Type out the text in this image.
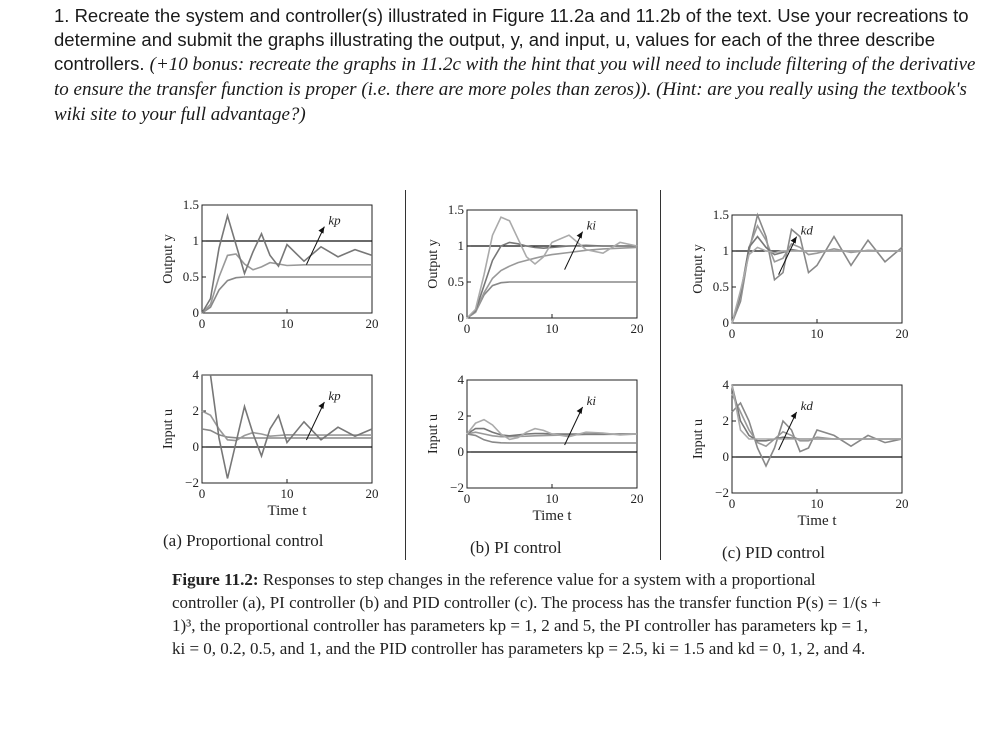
1. Recreate the system and controller(s) illustrated in Figure 11.2a and 11.2b of the text. Use your recreations to determine and submit the graphs illustrating the output, y, and input, u, values for each of the three describe controllers. (+10 bonus: recreate the graphs in 11.2c with the hint that you will need to include filtering of the derivative to ensure the transfer function is proper (i.e. there are more poles than zeros)). (Hint: are you really using the textbook's wiki site to your full advantage?)
0
0.5
1
1.5
0	10	20
Output y
kp
0
0.5
1
1.5
0	10	20
Output y
ki
0
0.5
1
1.5
0	10	20
Output y
kd
−2
0
2
4
0	10	20
Input u
Time t
kp
−2
0
2
4
0	10	20
Input u
Time t
ki
−2
0
2
4
0	10	20
Input u
Time t
kd
(a) Proportional control	(b) PI control	(c) PID control
Figure 11.2: Responses to step changes in the reference value for a system with a proportional controller (a), PI controller (b) and PID controller (c). The process has the transfer function P(s) = 1/(s + 1)³, the proportional controller has parameters kp = 1, 2 and 5, the PI controller has parameters kp = 1, ki = 0, 0.2, 0.5, and 1, and the PID controller has parameters kp = 2.5, ki = 1.5 and kd = 0, 1, 2, and 4.
